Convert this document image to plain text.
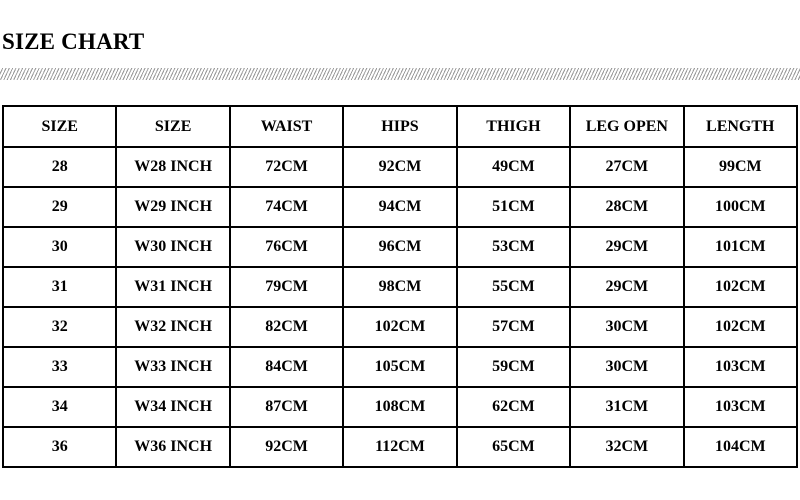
SIZE CHART
SIZE	SIZE	WAIST	HIPS	THIGH	LEG OPEN	LENGTH
28	W28 INCH	72CM	92CM	49CM	27CM	99CM
29	W29 INCH	74CM	94CM	51CM	28CM	100CM
30	W30 INCH	76CM	96CM	53CM	29CM	101CM
31	W31 INCH	79CM	98CM	55CM	29CM	102CM
32	W32 INCH	82CM	102CM	57CM	30CM	102CM
33	W33 INCH	84CM	105CM	59CM	30CM	103CM
34	W34 INCH	87CM	108CM	62CM	31CM	103CM
36	W36 INCH	92CM	112CM	65CM	32CM	104CM
